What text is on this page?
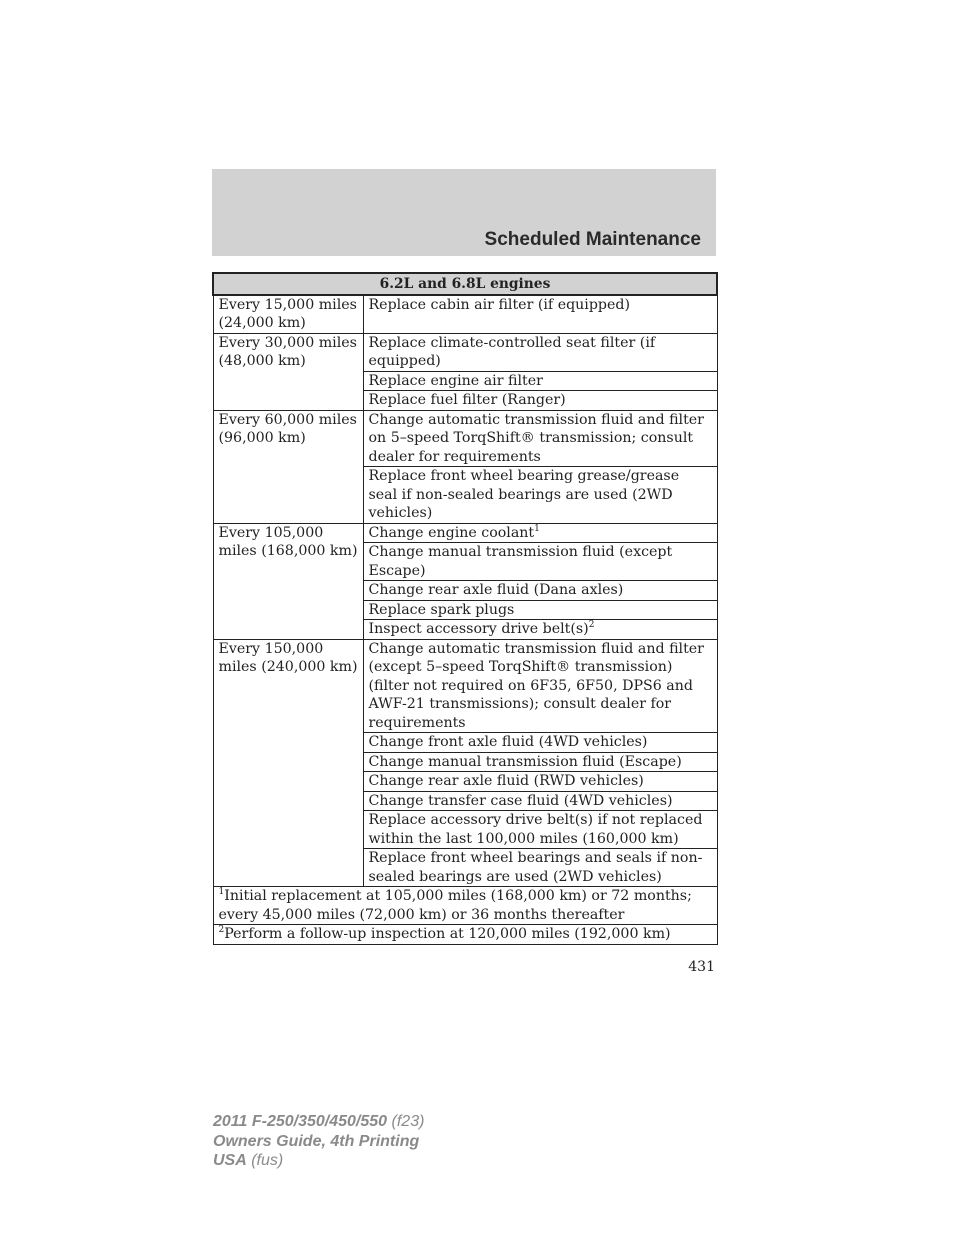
Scheduled Maintenance
6.2L and 6.8L engines	
Every 15,000 miles (24,000 km)	Replace cabin air filter (if equipped)
Every 30,000 miles (48,000 km)	Replace climate-controlled seat filter (if equipped)
	Replace engine air filter
	Replace fuel filter (Ranger)
Every 60,000 miles (96,000 km)	Change automatic transmission fluid and filter on 5–speed TorqShift® transmission; consult dealer for requirements
	Replace front wheel bearing grease/grease seal if non-sealed bearings are used (2WD vehicles)
Every 105,000 miles (168,000 km)	Change engine coolant$^1$
	Change manual transmission fluid (except Escape)
	Change rear axle fluid (Dana axles)
	Replace spark plugs
	Inspect accessory drive $belt(s)^2$
Every 150,000 miles (240,000 km)	Change automatic transmission fluid and filter (except 5–speed TorqShift® transmission) (filter not required on 6F35, 6F50, DPS6 and AWF-21 transmissions); consult dealer for requirements
	Change front axle fluid (4WD vehicles)
	Change manual transmission fluid (Escape)
	Change rear axle fluid (RWD vehicles)
	Change transfer case fluid (4WD vehicles)
	Replace accessory drive belt(s) if not replaced within the last 100,000 miles (160,000 km)
	Replace front wheel bearings and seals if non-sealed bearings are used (2WD vehicles)
$^1$Initial replacement at 105,000 miles (168,000 km) or 72 months; every 45,000 miles (72,000 km) or 36 months thereafter	
$^2$Perform a follow-up inspection at 120,000 miles (192,000 km)	
431
2011 F-250/350/450/550 (f23)
Owners Guide, 4th Printing
USA (fus)
